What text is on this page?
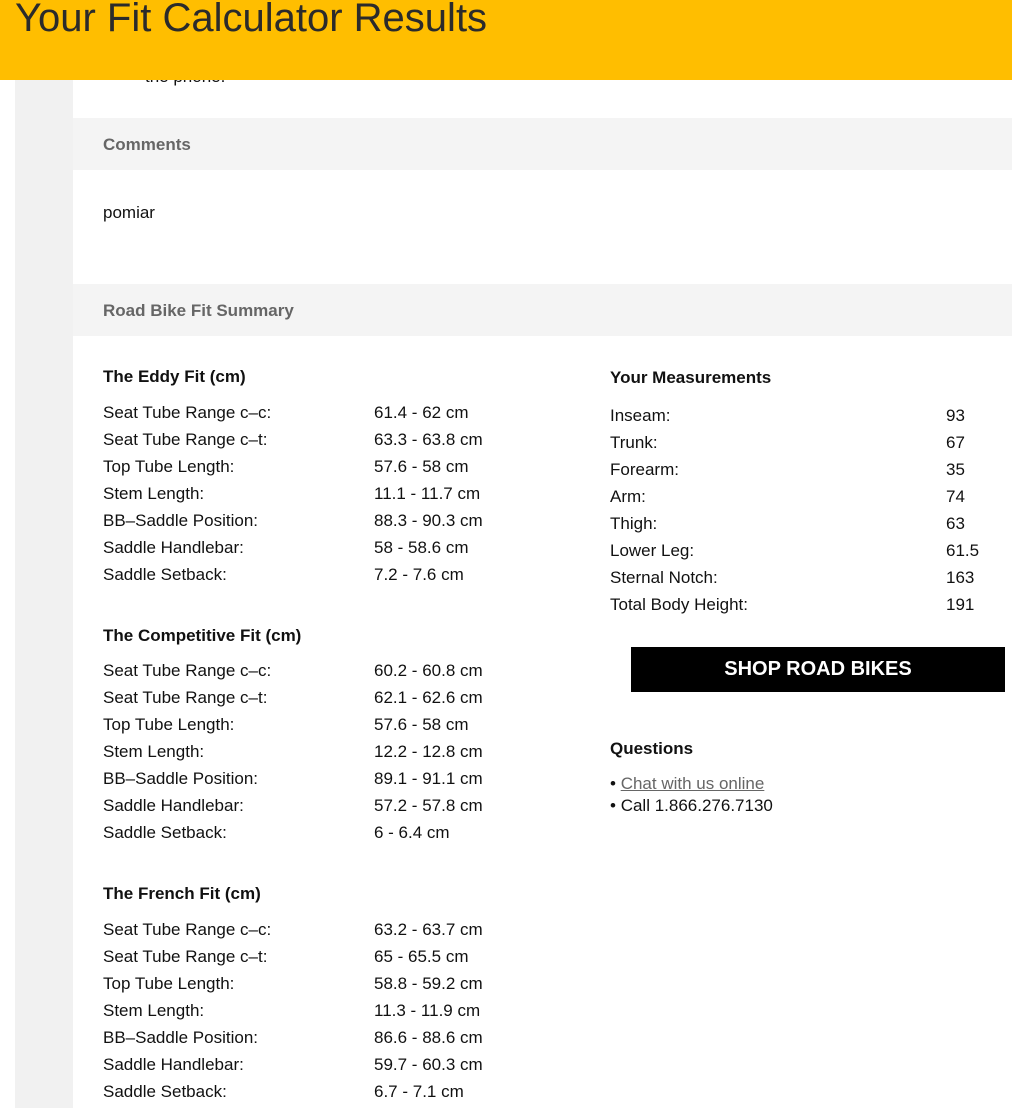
Your Fit Calculator Results
Comments
pomiar
Road Bike Fit Summary
The Eddy Fit (cm)
Seat Tube Range c–c:	61.4 - 62 cm
Seat Tube Range c–t:	63.3 - 63.8 cm
Top Tube Length:	57.6 - 58 cm
Stem Length:	11.1 - 11.7 cm
BB–Saddle Position:	88.3 - 90.3 cm
Saddle Handlebar:	58 - 58.6 cm
Saddle Setback:	7.2 - 7.6 cm
The Competitive Fit (cm)
Seat Tube Range c–c:	60.2 - 60.8 cm
Seat Tube Range c–t:	62.1 - 62.6 cm
Top Tube Length:	57.6 - 58 cm
Stem Length:	12.2 - 12.8 cm
BB–Saddle Position:	89.1 - 91.1 cm
Saddle Handlebar:	57.2 - 57.8 cm
Saddle Setback:	6 - 6.4 cm
The French Fit (cm)
Seat Tube Range c–c:	63.2 - 63.7 cm
Seat Tube Range c–t:	65 - 65.5 cm
Top Tube Length:	58.8 - 59.2 cm
Stem Length:	11.3 - 11.9 cm
BB–Saddle Position:	86.6 - 88.6 cm
Saddle Handlebar:	59.7 - 60.3 cm
Saddle Setback:	6.7 - 7.1 cm
Your Measurements
Inseam:	93
Trunk:	67
Forearm:	35
Arm:	74
Thigh:	63
Lower Leg:	61.5
Sternal Notch:	163
Total Body Height:	191
SHOP ROAD BIKES
Questions
• Chat with us online
• Call 1.866.276.7130
